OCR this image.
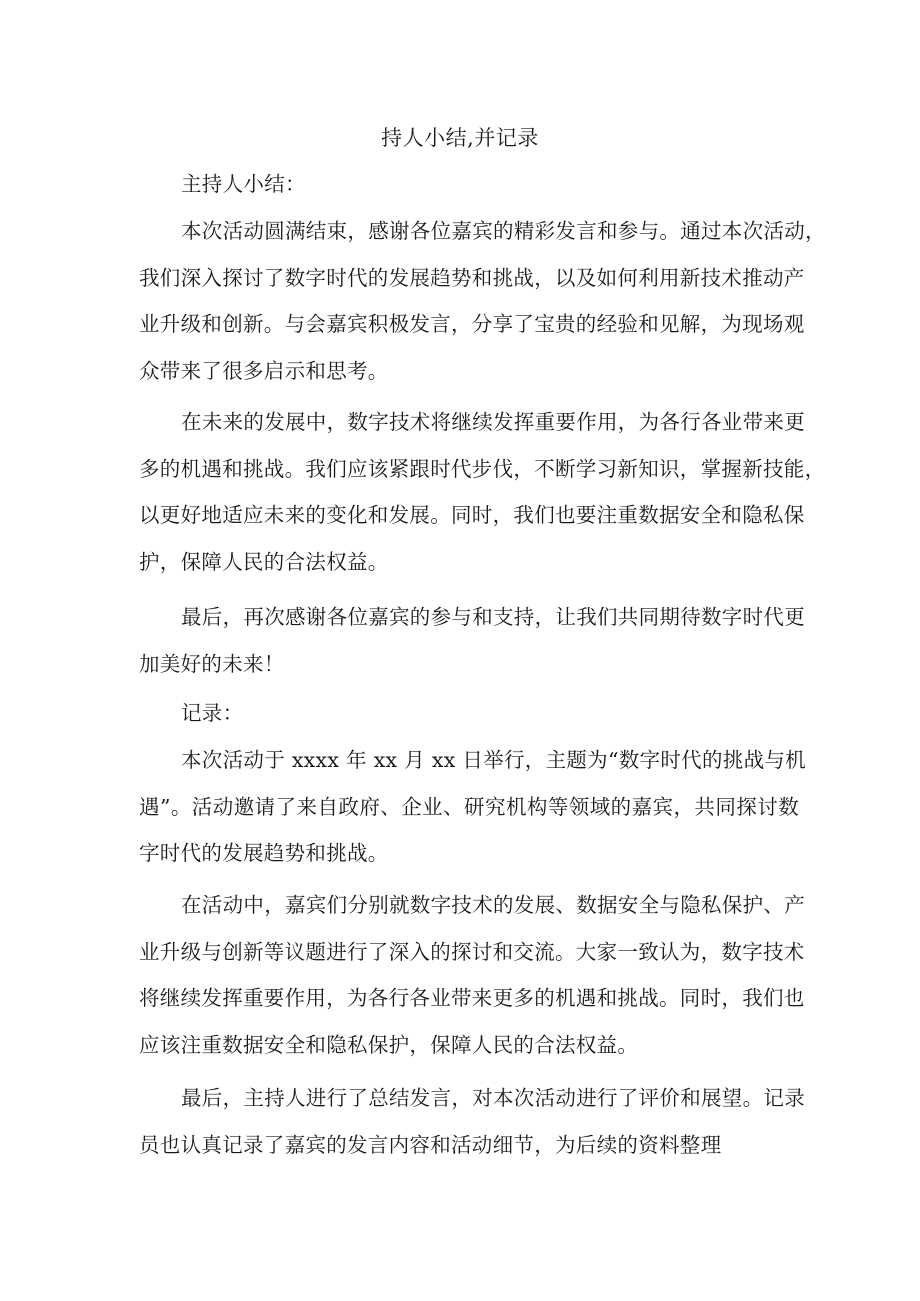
持人小结,并记录
主持人小结：
本次活动圆满结束，感谢各位嘉宾的精彩发言和参与。通过本次活动，
我们深入探讨了数字时代的发展趋势和挑战，以及如何利用新技术推动产
业升级和创新。与会嘉宾积极发言，分享了宝贵的经验和见解，为现场观
众带来了很多启示和思考。
在未来的发展中，数字技术将继续发挥重要作用，为各行各业带来更
多的机遇和挑战。我们应该紧跟时代步伐，不断学习新知识，掌握新技能，
以更好地适应未来的变化和发展。同时，我们也要注重数据安全和隐私保
护，保障人民的合法权益。
最后，再次感谢各位嘉宾的参与和支持，让我们共同期待数字时代更
加美好的未来！
记录：
本次活动于 xxxx 年 xx 月 xx 日举行，主题为“数字时代的挑战与机
遇”。活动邀请了来自政府、企业、研究机构等领域的嘉宾，共同探讨数
字时代的发展趋势和挑战。
在活动中，嘉宾们分别就数字技术的发展、数据安全与隐私保护、产
业升级与创新等议题进行了深入的探讨和交流。大家一致认为，数字技术
将继续发挥重要作用，为各行各业带来更多的机遇和挑战。同时，我们也
应该注重数据安全和隐私保护，保障人民的合法权益。
最后，主持人进行了总结发言，对本次活动进行了评价和展望。记录
员也认真记录了嘉宾的发言内容和活动细节，为后续的资料整理
